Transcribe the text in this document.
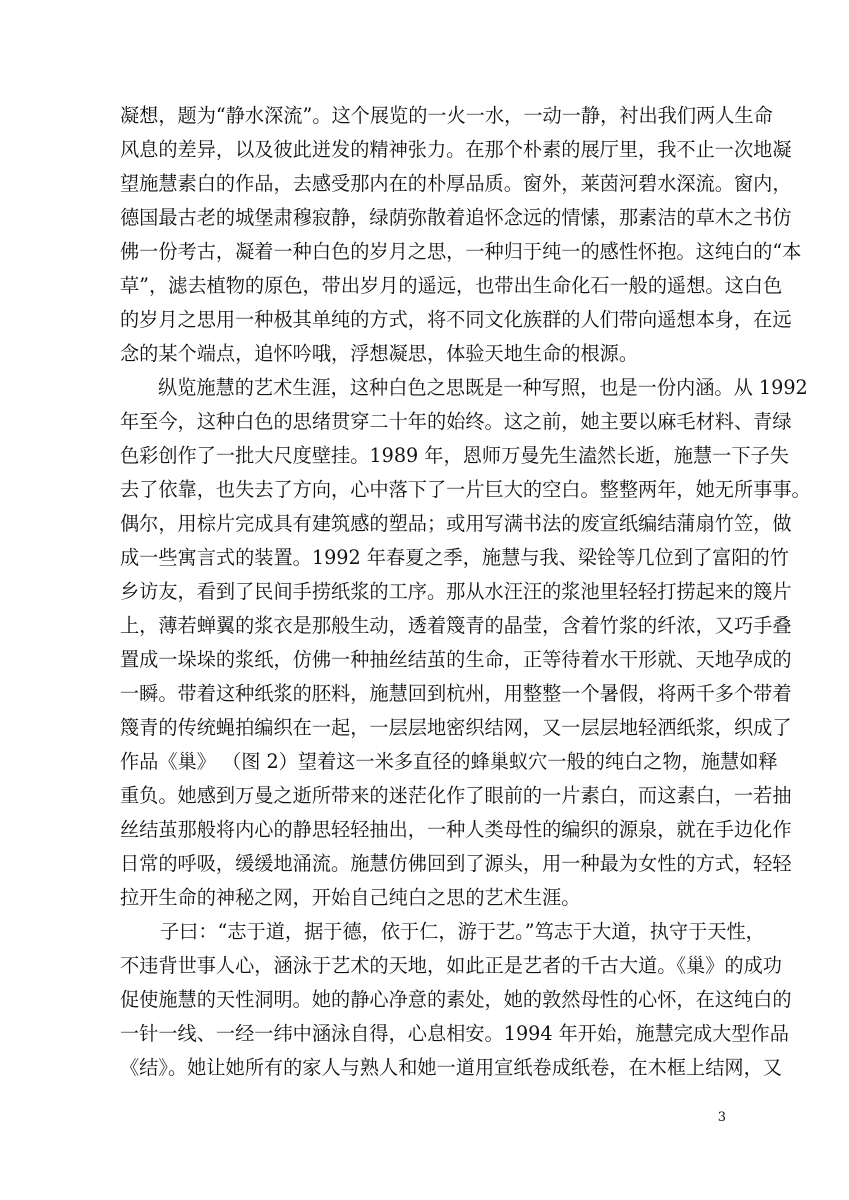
凝想，题为“静水深流”。这个展览的一火一水，一动一静，衬出我们两人生命
风息的差异，以及彼此迸发的精神张力。在那个朴素的展厅里，我不止一次地凝
望施慧素白的作品，去感受那内在的朴厚品质。窗外，莱茵河碧水深流。窗内，
德国最古老的城堡肃穆寂静，绿荫弥散着追怀念远的情愫，那素洁的草木之书仿
佛一份考古，凝着一种白色的岁月之思，一种归于纯一的感性怀抱。这纯白的“本
草”，滤去植物的原色，带出岁月的遥远，也带出生命化石一般的遥想。这白色
的岁月之思用一种极其单纯的方式，将不同文化族群的人们带向遥想本身，在远
念的某个端点，追怀吟哦，浮想凝思，体验天地生命的根源。
纵览施慧的艺术生涯，这种白色之思既是一种写照，也是一份内涵。从 1992
年至今，这种白色的思绪贯穿二十年的始终。这之前，她主要以麻毛材料、青绿
色彩创作了一批大尺度壁挂。1989 年，恩师万曼先生溘然长逝，施慧一下子失
去了依靠，也失去了方向，心中落下了一片巨大的空白。整整两年，她无所事事。
偶尔，用棕片完成具有建筑感的塑品；或用写满书法的废宣纸编结蒲扇竹笠，做
成一些寓言式的装置。1992 年春夏之季，施慧与我、梁铨等几位到了富阳的竹
乡访友，看到了民间手捞纸浆的工序。那从水汪汪的浆池里轻轻打捞起来的篾片
上，薄若蝉翼的浆衣是那般生动，透着篾青的晶莹，含着竹浆的纤浓，又巧手叠
置成一垛垛的浆纸，仿佛一种抽丝结茧的生命，正等待着水干形就、天地孕成的
一瞬。带着这种纸浆的胚料，施慧回到杭州，用整整一个暑假，将两千多个带着
篾青的传统蝇拍编织在一起，一层层地密织结网，又一层层地轻洒纸浆，织成了
作品《巢》 （图 2）望着这一米多直径的蜂巢蚁穴一般的纯白之物，施慧如释
重负。她感到万曼之逝所带来的迷茫化作了眼前的一片素白，而这素白，一若抽
丝结茧那般将内心的静思轻轻抽出，一种人类母性的编织的源泉，就在手边化作
日常的呼吸，缓缓地涌流。施慧仿佛回到了源头，用一种最为女性的方式，轻轻
拉开生命的神秘之网，开始自己纯白之思的艺术生涯。
子曰：“志于道，据于德，依于仁，游于艺。”笃志于大道，执守于天性，
不违背世事人心，涵泳于艺术的天地，如此正是艺者的千古大道。《巢》的成功
促使施慧的天性洞明。她的静心净意的素处，她的敦然母性的心怀，在这纯白的
一针一线、一经一纬中涵泳自得，心息相安。1994 年开始，施慧完成大型作品
《结》。她让她所有的家人与熟人和她一道用宣纸卷成纸卷，在木框上结网，又
3
